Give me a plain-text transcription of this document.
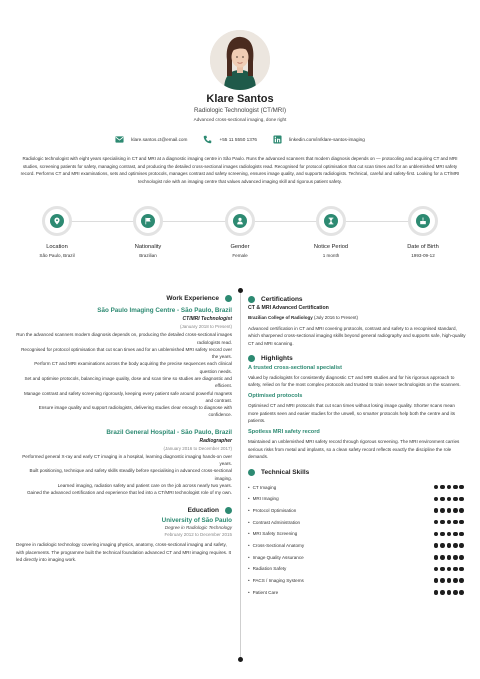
Klare Santos
Radiologic Technologist (CT/MRI)
Advanced cross-sectional imaging, done right
klare.santos.ct@email.com	+55 11 5550 1376	linkedin.com/in/klare-santos-imaging
Radiologic technologist with eight years specialising in CT and MRI at a diagnostic imaging centre in São Paulo. Runs the advanced scanners that modern diagnosis depends on — protocoling and acquiring CT and MRI studies, screening patients for safety, managing contrast, and producing the detailed cross-sectional images radiologists read. Recognised for protocol optimisation that cut scan times and for an unblemished MRI safety record. Performs CT and MRI examinations, sets and optimises protocols, manages contrast and safety screening, ensures image quality, and supports radiologists. Technical, careful and safety-first. Looking for a CT/MRI technologist role with an imaging centre that values advanced imaging skill and rigorous patient safety.
Location
São Paulo, Brazil
Nationality
Brazilian
Gender
Female
Notice Period
1 month
Date of Birth
1993-09-12
Work Experience
São Paulo Imaging Centre - São Paulo, Brazil
CT/MRI Technologist
(January 2018 to Present)
Run the advanced scanners modern diagnosis depends on, producing the detailed cross-sectional images radiologists read.
Recognised for protocol optimisation that cut scan times and for an unblemished MRI safety record over the years.
Perform CT and MRI examinations across the body acquiring the precise sequences each clinical question needs.
Set and optimise protocols, balancing image quality, dose and scan time so studies are diagnostic and efficient.
Manage contrast and safety screening rigorously, keeping every patient safe around powerful magnets and contrast.
Ensure image quality and support radiologists, delivering studies clear enough to diagnose with confidence.
Brazil General Hospital - São Paulo, Brazil
Radiographer
(January 2016 to December 2017)
Performed general X-ray and early CT imaging in a hospital, learning diagnostic imaging hands-on over years.
Built positioning, technique and safety skills steadily before specialising in advanced cross-sectional imaging.
Learned imaging, radiation safety and patient care on the job across nearly two years.
Gained the advanced certification and experience that led into a CT/MRI technologist role of my own.
Education
University of São Paulo
Degree in Radiologic Technology
February 2012 to December 2015
Degree in radiologic technology covering imaging physics, anatomy, cross-sectional imaging and safety, with placements. The programme built the technical foundation advanced CT and MRI imaging requires. It led directly into imaging work.
Certifications
CT & MRI Advanced Certification
Brazilian College of Radiology (July 2016 to Present)
Advanced certification in CT and MRI covering protocols, contrast and safety to a recognised standard, which sharpened cross-sectional imaging skills beyond general radiography and supports safe, high-quality CT and MRI scanning.
Highlights
A trusted cross-sectional specialist
Valued by radiologists for consistently diagnostic CT and MRI studies and for his rigorous approach to safety, relied on for the most complex protocols and trusted to train newer technologists on the scanners.
Optimised protocols
Optimised CT and MRI protocols that cut scan times without losing image quality. Shorter scans mean more patients seen and easier studies for the unwell, so smarter protocols help both the centre and its patients.
Spotless MRI safety record
Maintained an unblemished MRI safety record through rigorous screening. The MRI environment carries serious risks from metal and implants, so a clean safety record reflects exactly the discipline the role demands.
Technical Skills
• CT Imaging
• MRI Imaging
• Protocol Optimisation
• Contrast Administration
• MRI Safety Screening
• Cross-Sectional Anatomy
• Image Quality Assurance
• Radiation Safety
• PACS / Imaging Systems
• Patient Care
